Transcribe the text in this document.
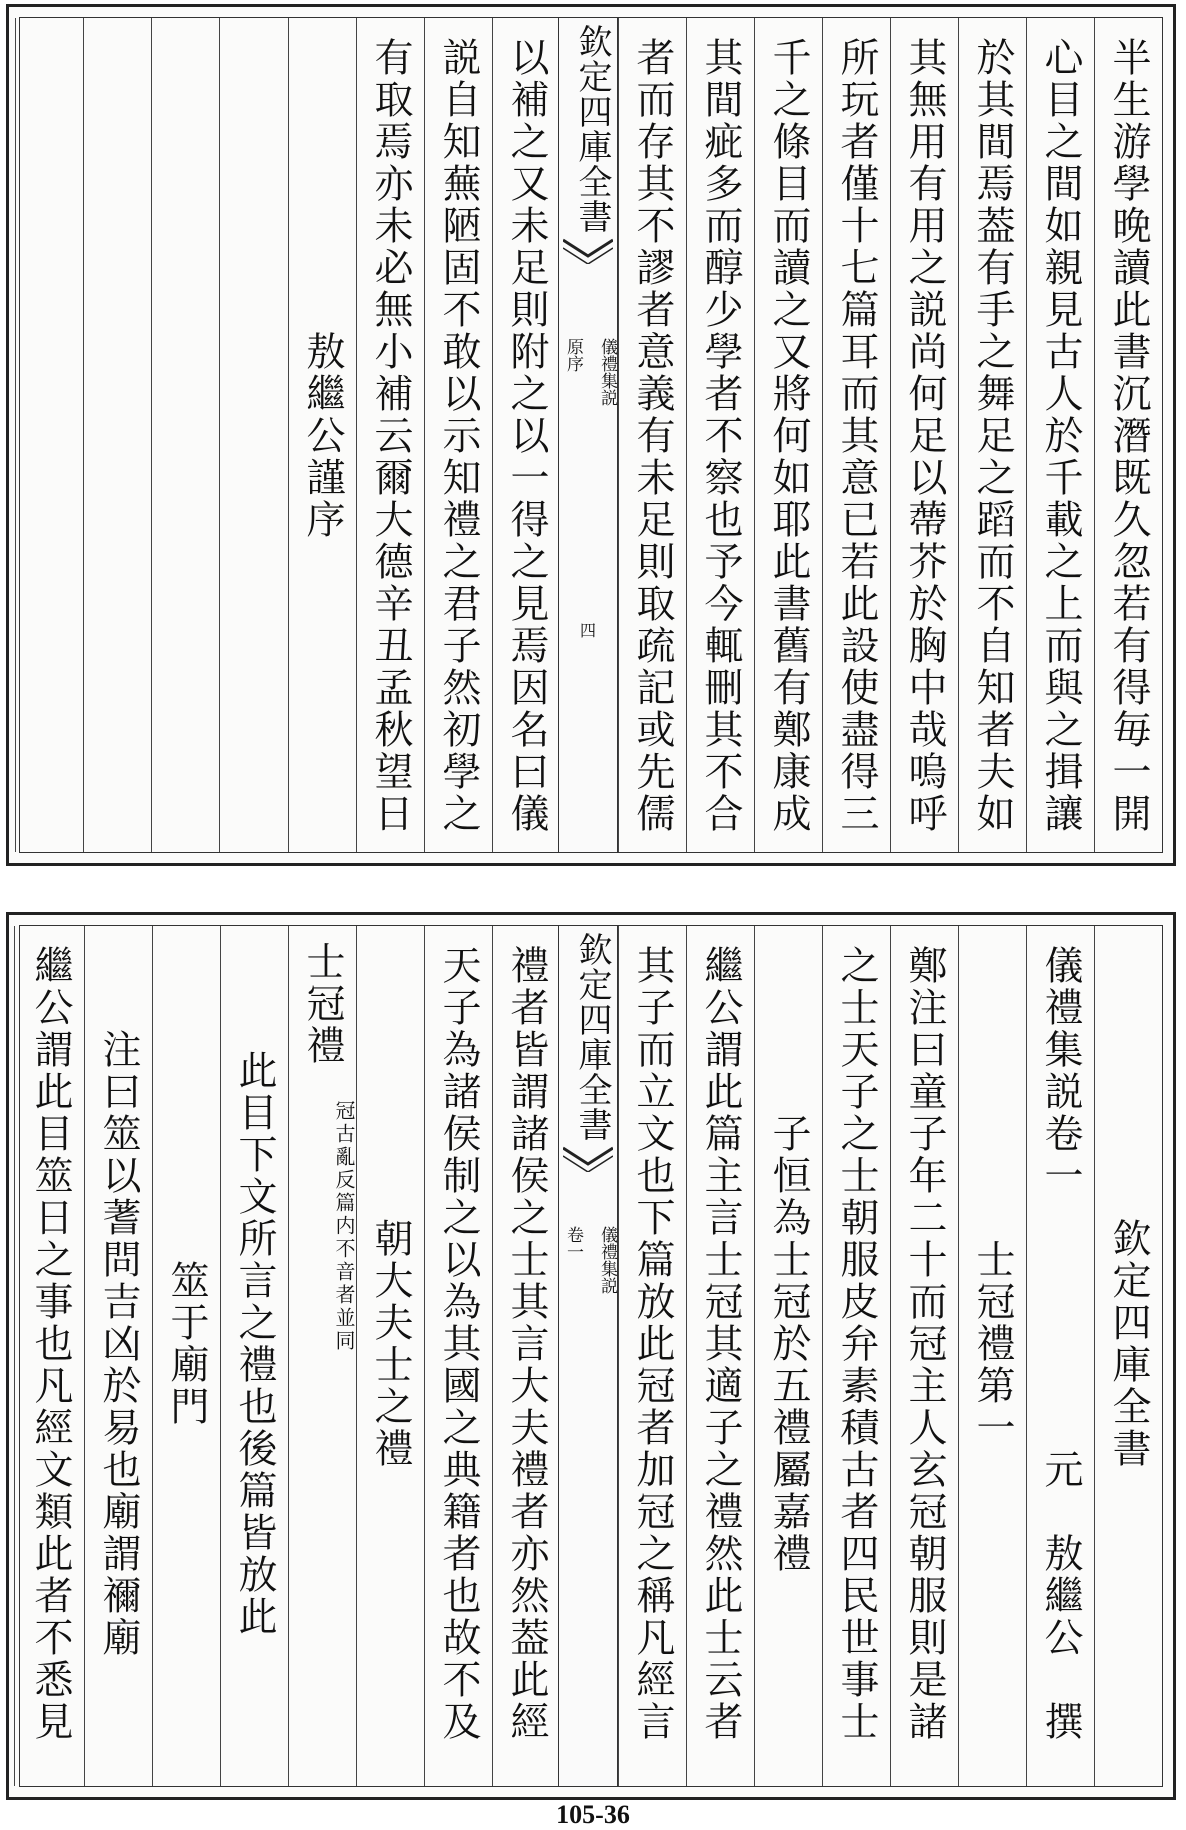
半生游學晚讀此書沉潛既久忽若有得毎一開
心目之間如親見古人於千載之上而與之揖讓
於其間焉葢有手之舞足之蹈而不自知者夫如
其無用有用之説尚何足以蔕芥於胸中哉嗚呼
所玩者僅十七篇耳而其意已若此設使盡得三
千之條目而讀之又將何如耶此書舊有鄭康成
其間疵多而醇少學者不察也予今輒刪其不合
者而存其不謬者意義有未足則取疏記或先儒
欽定四庫全書
儀禮集説
原序
四
以補之又未足則附之以一得之見焉因名曰儀
説自知蕪陋固不敢以示知禮之君子然初學之
有取焉亦未必無小補云爾大德辛丑孟秋望日
敖繼公謹序
欽定四庫全書
儀禮集説卷一　　　　　　元　敖繼公　撰
士冠禮第一
鄭注曰童子年二十而冠主人玄冠朝服則是諸
之士天子之士朝服皮弁素積古者四民世事士
子恒為士冠於五禮屬嘉禮
繼公謂此篇主言士冠其適子之禮然此士云者
其子而立文也下篇放此冠者加冠之稱凡經言
欽定四庫全書
儀禮集説
卷一
禮者皆謂諸侯之士其言大夫禮者亦然葢此經
天子為諸侯制之以為其國之典籍者也故不及
朝大夫士之禮
士冠禮
冠古亂反篇内不音者並同
此目下文所言之禮也後篇皆放此
筮于廟門
注曰筮以蓍問吉凶於易也廟謂禰廟
繼公謂此目筮日之事也凡經文類此者不悉見
105-36
